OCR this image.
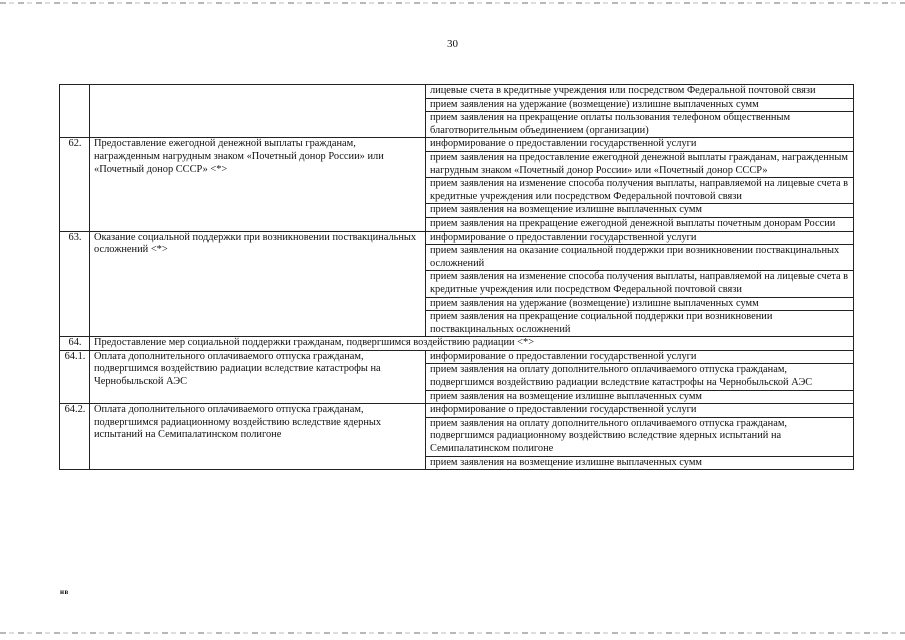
30
		лицевые счета в кредитные учреждения или посредством Федеральной почтовой связи
		прием заявления на удержание (возмещение) излишне выплаченных сумм
		прием заявления на прекращение оплаты пользования телефоном общественным благотворительным объединением (организации)
62.	Предоставление ежегодной денежной выплаты гражданам, награжденным нагрудным знаком «Почетный донор России» или «Почетный донор СССР» <*>	информирование о предоставлении государственной услуги
		прием заявления на предоставление ежегодной денежной выплаты гражданам, награжденным нагрудным знаком «Почетный донор России» или «Почетный донор СССР»
		прием заявления на изменение способа получения выплаты, направляемой на лицевые счета в кредитные учреждения или посредством Федеральной почтовой связи
		прием заявления на возмещение излишне выплаченных сумм
		прием заявления на прекращение ежегодной денежной выплаты почетным донорам России
63.	Оказание социальной поддержки при возникновении поствакцинальных осложнений <*>	информирование о предоставлении государственной услуги
		прием заявления на оказание социальной поддержки при возникновении поствакцинальных осложнений
		прием заявления на изменение способа получения выплаты, направляемой на лицевые счета в кредитные учреждения или посредством Федеральной почтовой связи
		прием заявления на удержание (возмещение) излишне выплаченных сумм
		прием заявления на прекращение социальной поддержки при возникновении поствакцинальных осложнений
64.	Предоставление мер социальной поддержки гражданам, подвергшимся воздействию радиации <*>	
64.1.	Оплата дополнительного оплачиваемого отпуска гражданам, подвергшимся воздействию радиации вследствие катастрофы на Чернобыльской АЭС	информирование о предоставлении государственной услуги
		прием заявления на оплату дополнительного оплачиваемого отпуска гражданам, подвергшимся воздействию радиации вследствие катастрофы на Чернобыльской АЭС
		прием заявления на возмещение излишне выплаченных сумм
64.2.	Оплата дополнительного оплачиваемого отпуска гражданам, подвергшимся радиационному воздействию вследствие ядерных испытаний на Семипалатинском полигоне	информирование о предоставлении государственной услуги
		прием заявления на оплату дополнительного оплачиваемого отпуска гражданам, подвергшимся радиационному воздействию вследствие ядерных испытаний на Семипалатинском полигоне
		прием заявления на возмещение излишне выплаченных сумм
нв
